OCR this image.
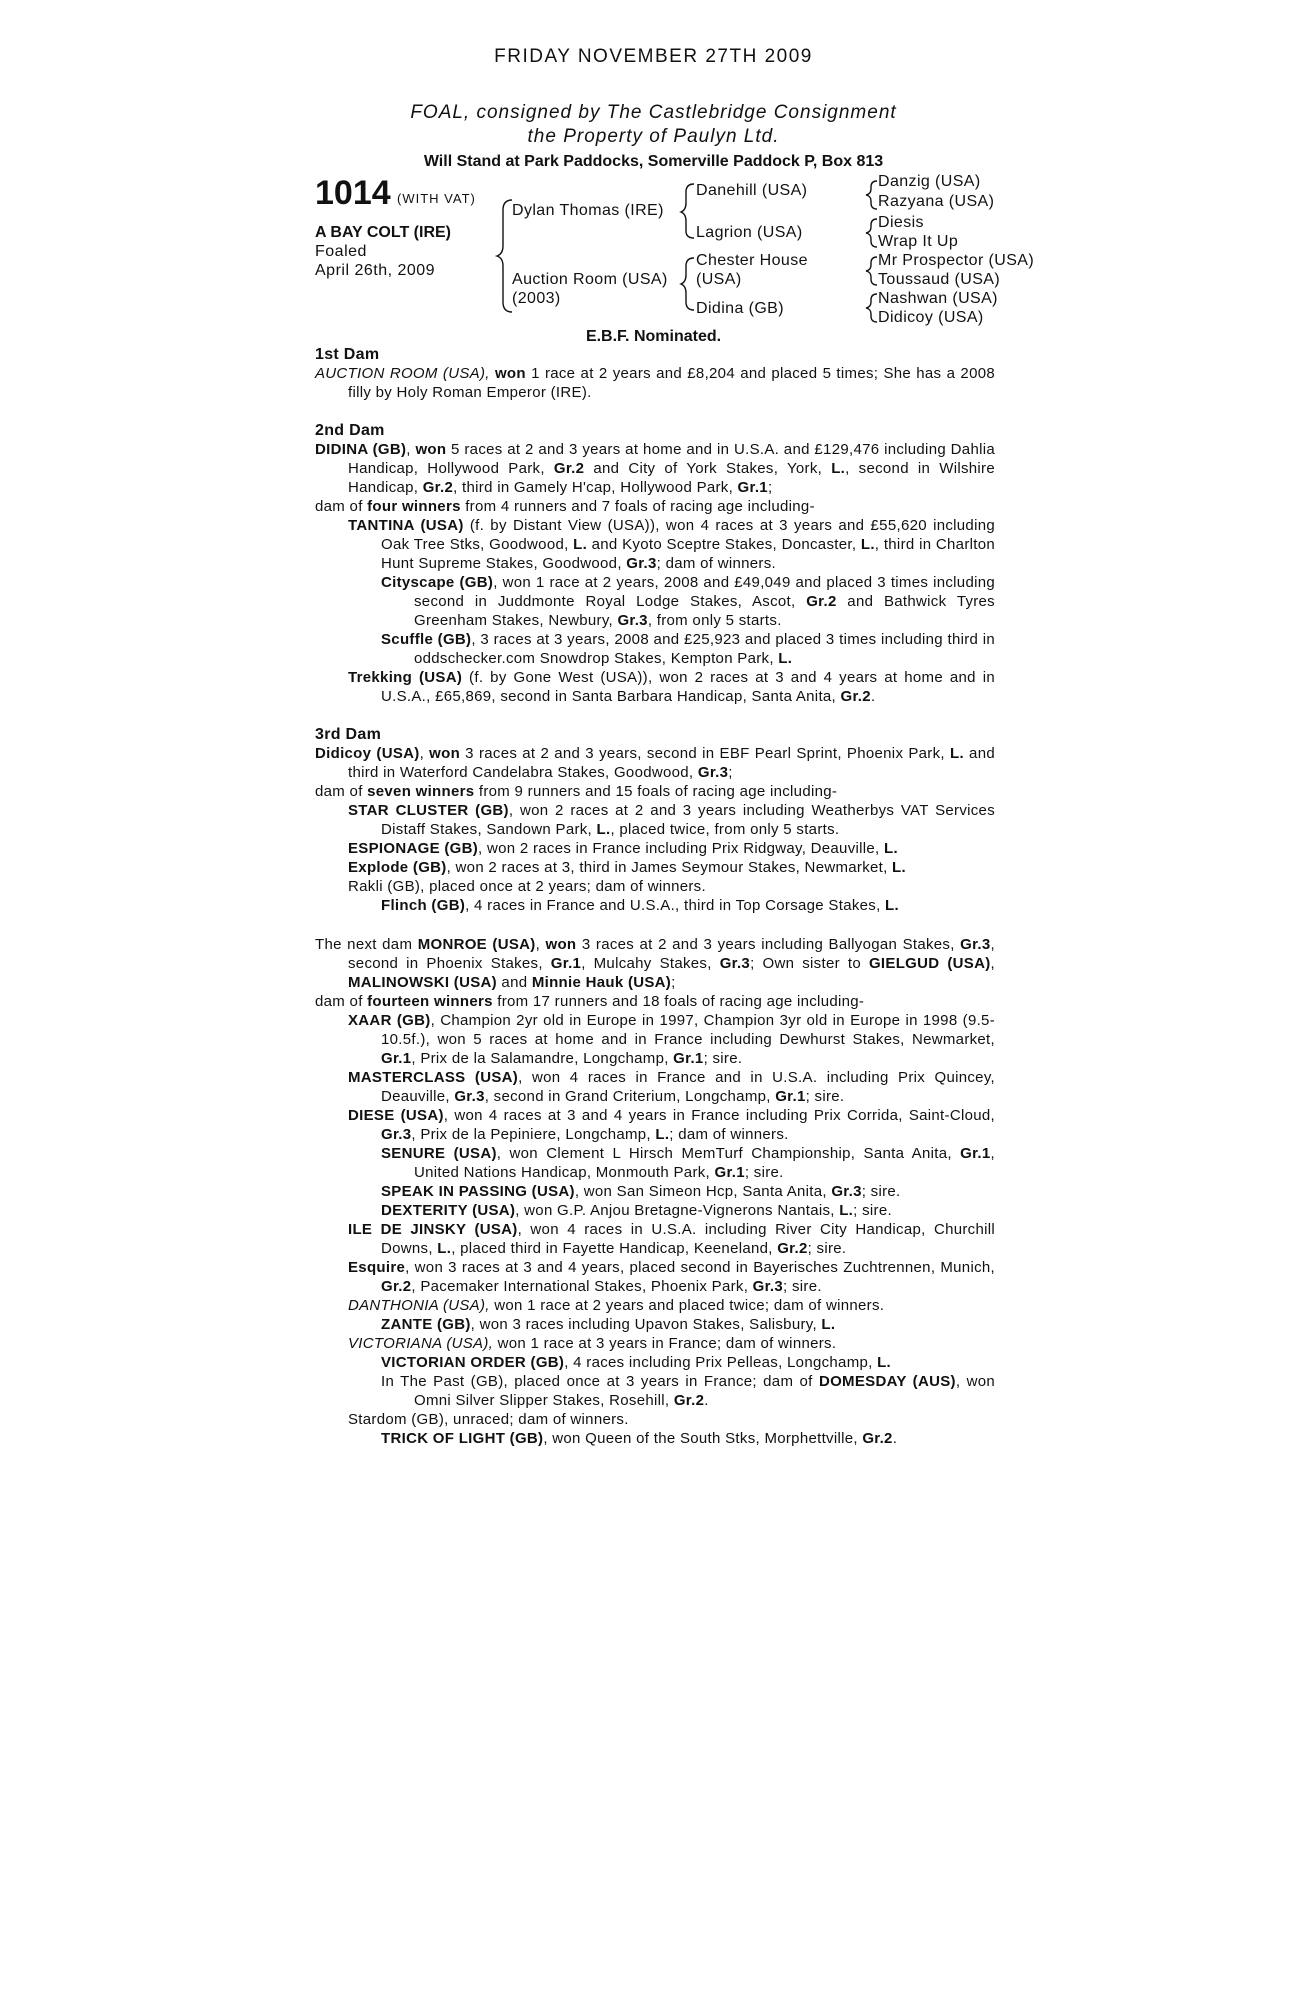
FRIDAY NOVEMBER 27TH 2009
FOAL, consigned by The Castlebridge Consignment
the Property of Paulyn Ltd.
Will Stand at Park Paddocks, Somerville Paddock P, Box 813
1014 (WITH VAT)
A BAY COLT (IRE)
Foaled
April 26th, 2009
Dylan Thomas (IRE)
Auction Room (USA)
(2003)
Danehill (USA)
Lagrion (USA)
Chester House
(USA)
Didina (GB)
Danzig (USA)
Razyana (USA)
Diesis
Wrap It Up
Mr Prospector (USA)
Toussaud (USA)
Nashwan (USA)
Didicoy (USA)
E.B.F. Nominated.
1st Dam
AUCTION ROOM (USA), won 1 race at 2 years and £8,204 and placed 5 times; She has a 2008 filly by Holy Roman Emperor (IRE).
2nd Dam
DIDINA (GB), won 5 races at 2 and 3 years at home and in U.S.A. and £129,476 including Dahlia Handicap, Hollywood Park, Gr.2 and City of York Stakes, York, L., second in Wilshire Handicap, Gr.2, third in Gamely H'cap, Hollywood Park, Gr.1;
dam of four winners from 4 runners and 7 foals of racing age including-
TANTINA (USA) (f. by Distant View (USA)), won 4 races at 3 years and £55,620 including Oak Tree Stks, Goodwood, L. and Kyoto Sceptre Stakes, Doncaster, L., third in Charlton Hunt Supreme Stakes, Goodwood, Gr.3; dam of winners.
Cityscape (GB), won 1 race at 2 years, 2008 and £49,049 and placed 3 times including second in Juddmonte Royal Lodge Stakes, Ascot, Gr.2 and Bathwick Tyres Greenham Stakes, Newbury, Gr.3, from only 5 starts.
Scuffle (GB), 3 races at 3 years, 2008 and £25,923 and placed 3 times including third in oddschecker.com Snowdrop Stakes, Kempton Park, L.
Trekking (USA) (f. by Gone West (USA)), won 2 races at 3 and 4 years at home and in U.S.A., £65,869, second in Santa Barbara Handicap, Santa Anita, Gr.2.
3rd Dam
Didicoy (USA), won 3 races at 2 and 3 years, second in EBF Pearl Sprint, Phoenix Park, L. and third in Waterford Candelabra Stakes, Goodwood, Gr.3;
dam of seven winners from 9 runners and 15 foals of racing age including-
STAR CLUSTER (GB), won 2 races at 2 and 3 years including Weatherbys VAT Services Distaff Stakes, Sandown Park, L., placed twice, from only 5 starts.
ESPIONAGE (GB), won 2 races in France including Prix Ridgway, Deauville, L.
Explode (GB), won 2 races at 3, third in James Seymour Stakes, Newmarket, L.
Rakli (GB), placed once at 2 years; dam of winners.
Flinch (GB), 4 races in France and U.S.A., third in Top Corsage Stakes, L.
The next dam MONROE (USA), won 3 races at 2 and 3 years including Ballyogan Stakes, Gr.3, second in Phoenix Stakes, Gr.1, Mulcahy Stakes, Gr.3; Own sister to GIELGUD (USA), MALINOWSKI (USA) and Minnie Hauk (USA);
dam of fourteen winners from 17 runners and 18 foals of racing age including-
XAAR (GB), Champion 2yr old in Europe in 1997, Champion 3yr old in Europe in 1998 (9.5-10.5f.), won 5 races at home and in France including Dewhurst Stakes, Newmarket, Gr.1, Prix de la Salamandre, Longchamp, Gr.1; sire.
MASTERCLASS (USA), won 4 races in France and in U.S.A. including Prix Quincey, Deauville, Gr.3, second in Grand Criterium, Longchamp, Gr.1; sire.
DIESE (USA), won 4 races at 3 and 4 years in France including Prix Corrida, Saint-Cloud, Gr.3, Prix de la Pepiniere, Longchamp, L.; dam of winners.
SENURE (USA), won Clement L Hirsch MemTurf Championship, Santa Anita, Gr.1, United Nations Handicap, Monmouth Park, Gr.1; sire.
SPEAK IN PASSING (USA), won San Simeon Hcp, Santa Anita, Gr.3; sire.
DEXTERITY (USA), won G.P. Anjou Bretagne-Vignerons Nantais, L.; sire.
ILE DE JINSKY (USA), won 4 races in U.S.A. including River City Handicap, Churchill Downs, L., placed third in Fayette Handicap, Keeneland, Gr.2; sire.
Esquire, won 3 races at 3 and 4 years, placed second in Bayerisches Zuchtrennen, Munich, Gr.2, Pacemaker International Stakes, Phoenix Park, Gr.3; sire.
DANTHONIA (USA), won 1 race at 2 years and placed twice; dam of winners.
ZANTE (GB), won 3 races including Upavon Stakes, Salisbury, L.
VICTORIANA (USA), won 1 race at 3 years in France; dam of winners.
VICTORIAN ORDER (GB), 4 races including Prix Pelleas, Longchamp, L.
In The Past (GB), placed once at 3 years in France; dam of DOMESDAY (AUS), won Omni Silver Slipper Stakes, Rosehill, Gr.2.
Stardom (GB), unraced; dam of winners.
TRICK OF LIGHT (GB), won Queen of the South Stks, Morphettville, Gr.2.
